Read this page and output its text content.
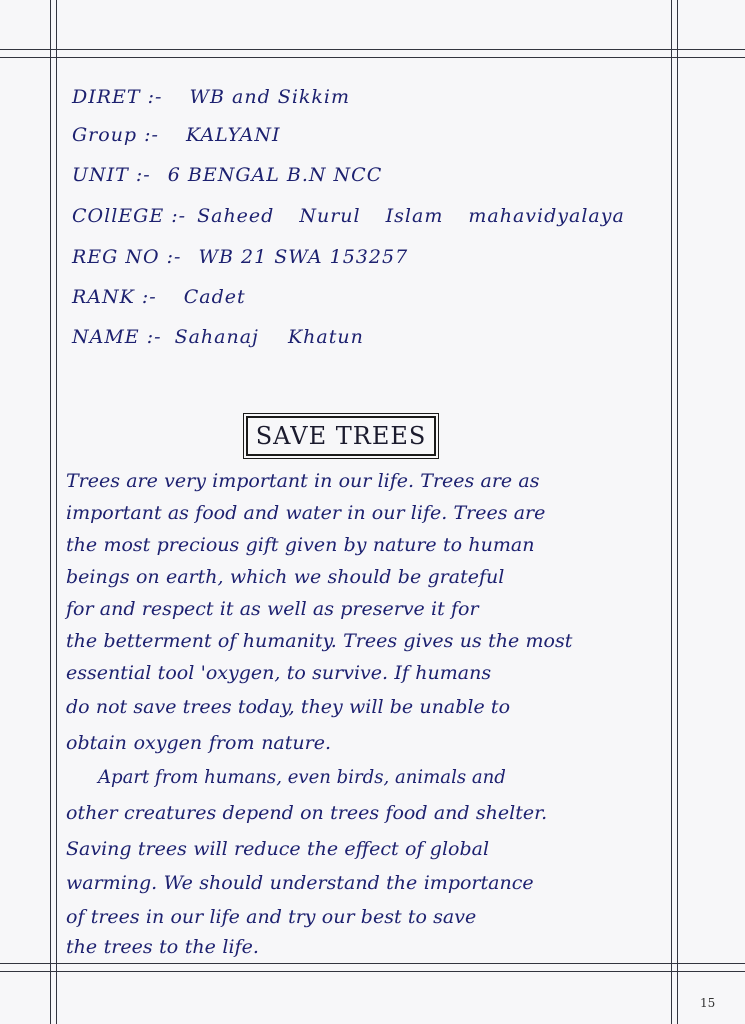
DIRET :- WB and Sikkim
Group :- KALYANI
UNIT :- 6 BENGAL B.N NCC
COllEGE :- Saheed Nurul Islam mahavidyalaya
REG NO :- WB 21 SWA 153257
RANK :- Cadet
NAME :- Sahanaj Khatun
SAVE TREES
Trees are very important in our life. Trees are as
important as food and water in our life. Trees are
the most precious gift given by nature to human
beings on earth, which we should be grateful
for and respect it as well as preserve it for
the betterment of humanity. Trees gives us the most
essential tool 'oxygen, to survive. If humans
do not save trees today, they will be unable to
obtain oxygen from nature.
Apart from humans, even birds, animals and
other creatures depend on trees food and shelter.
Saving trees will reduce the effect of global
warming. We should understand the importance
of trees in our life and try our best to save
the trees to the life.
15
